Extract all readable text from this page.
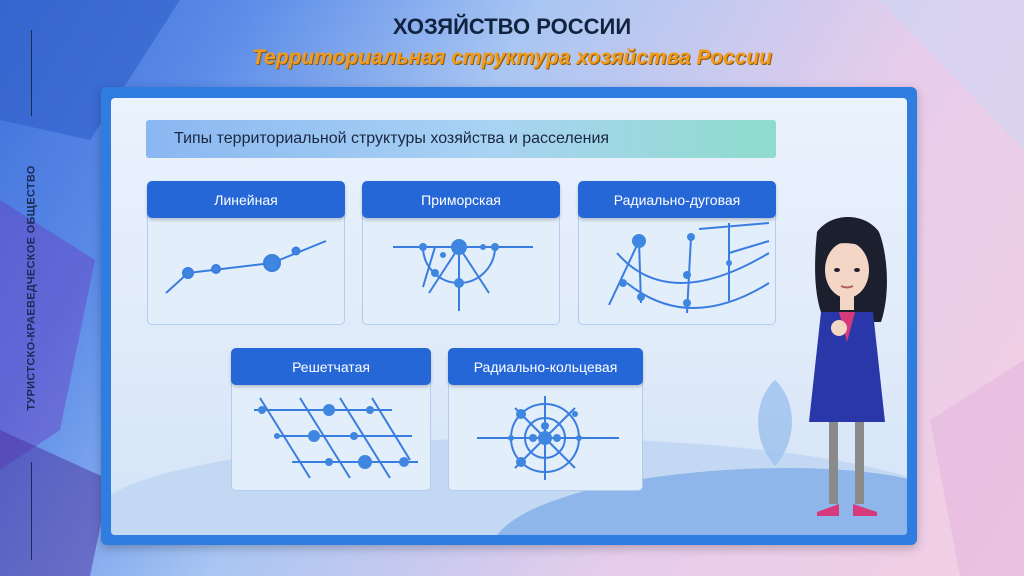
ТУРИСТСКО-КРАЕВЕДЧЕСКОЕ ОБЩЕСТВО
ХОЗЯЙСТВО РОССИИ
Территориальная структура хозяйства России
Типы территориальной структуры хозяйства и расселения
Линейная	Приморская	Радиально-дуговая
Решетчатая	Радиально-кольцевая
